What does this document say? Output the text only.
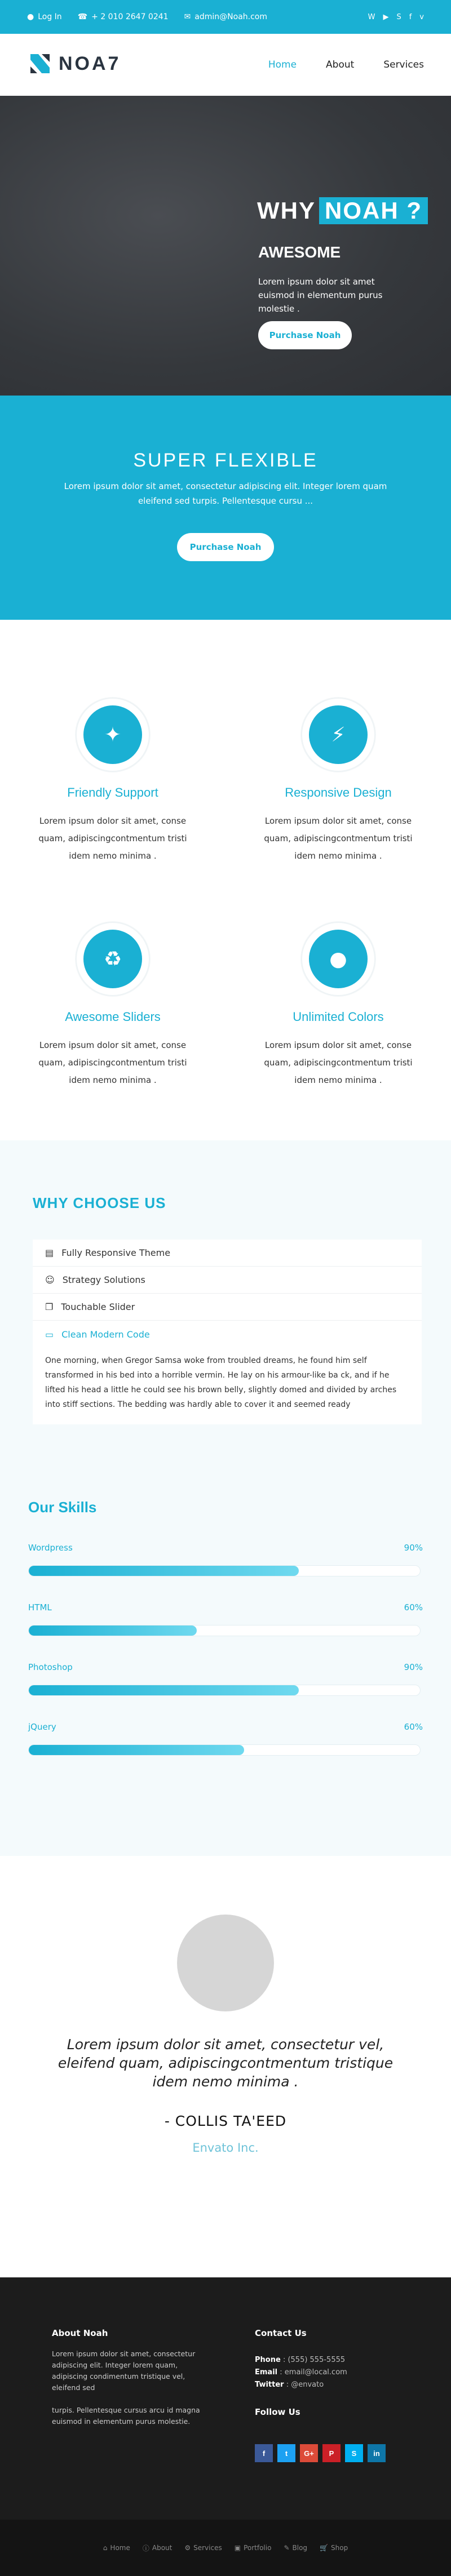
● Log In ☎ + 2 010 2647 0241 ✉ admin@Noah.com	W ▶ S f v
NOA7	Home	About	Services
WHY NOAH ?
AWESOME
Lorem ipsum dolor sit amet euismod in elementum purus molestie .
Purchase Noah
SUPER FLEXIBLE
Lorem ipsum dolor sit amet, consectetur adipiscing elit. Integer lorem quam eleifend sed turpis. Pellentesque cursu ...
Purchase Noah
✦
Friendly Support
Lorem ipsum dolor sit amet, conse quam, adipiscingcontmentum tristi idem nemo minima .
⚡
Responsive Design
Lorem ipsum dolor sit amet, conse quam, adipiscingcontmentum tristi idem nemo minima .
♻
Awesome Sliders
Lorem ipsum dolor sit amet, conse quam, adipiscingcontmentum tristi idem nemo minima .
●
Unlimited Colors
Lorem ipsum dolor sit amet, conse quam, adipiscingcontmentum tristi idem nemo minima .
WHY CHOOSE US
▤ Fully Responsive Theme
☺ Strategy Solutions
❐ Touchable Slider
▭ Clean Modern Code
One morning, when Gregor Samsa woke from troubled dreams, he found him self transformed in his bed into a horrible vermin. He lay on his armour-like ba ck, and if he lifted his head a little he could see his brown belly, slightly domed and divided by arches into stiff sections. The bedding was hardly able to cover it and seemed ready
Our Skills
Wordpress	90%
HTML	60%
Photoshop	90%
jQuery	60%
Lorem ipsum dolor sit amet, consectetur vel, eleifend quam, adipiscingcontmentum tristique idem nemo minima .
- COLLIS TA'EED
Envato Inc.
About Noah

Lorem ipsum dolor sit amet, consectetur adipiscing elit. Integer lorem quam, adipiscing condimentum tristique vel, eleifend sed

turpis. Pellentesque cursus arcu id magna euismod in elementum purus molestie.

Contact Us
Phone : (555) 555-5555
Email : email@local.com
Twitter : @envato
Follow Us
f	t	G+	P	S	in
⌂ Home ⓘ About ⚙ Services ▣ Portfolio ✎ Blog 🛒 Shop
